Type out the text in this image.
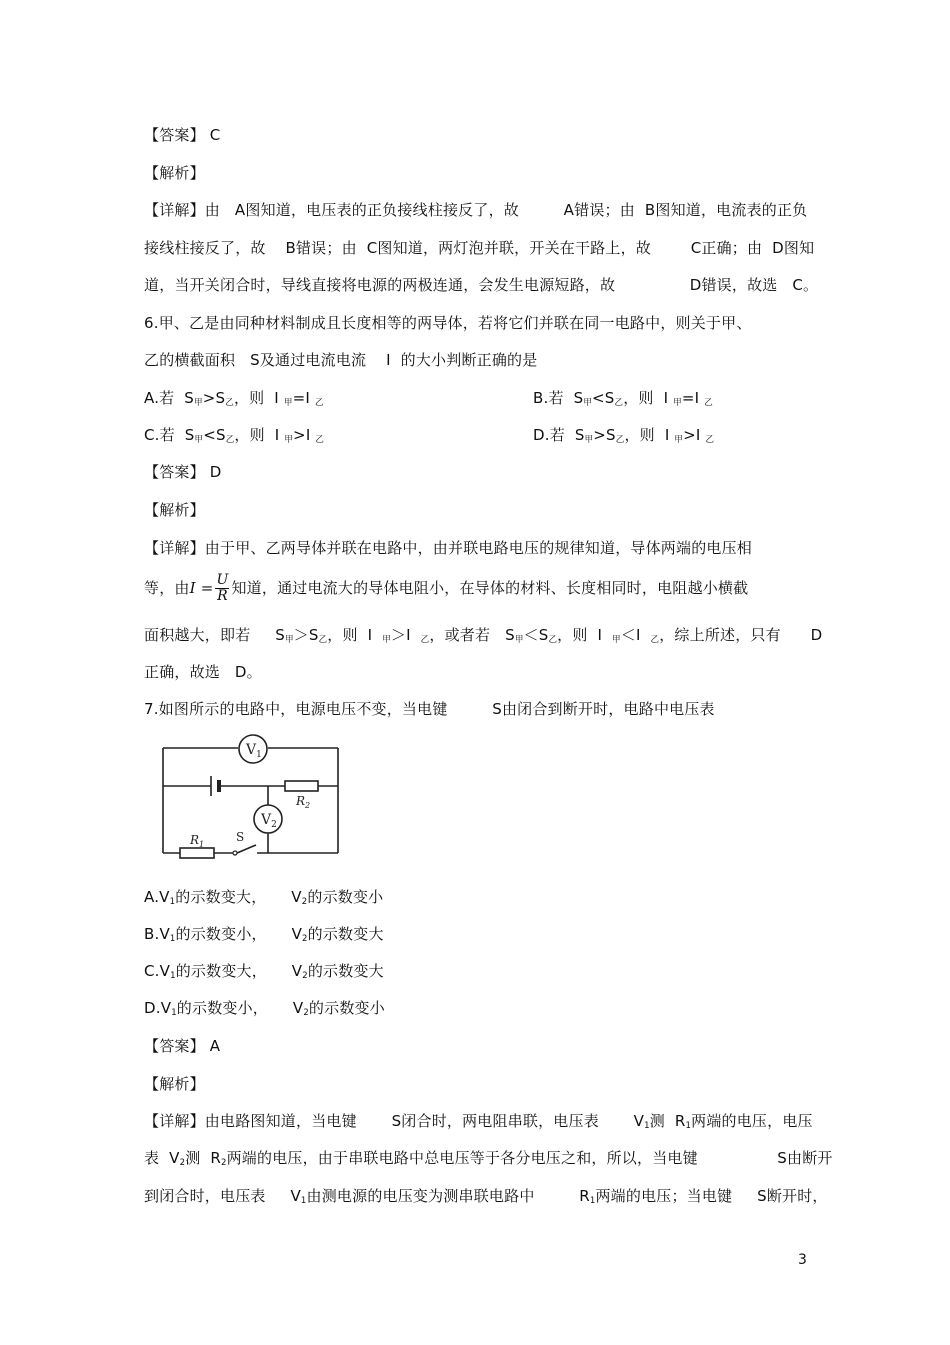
【答案】 C
【解析】
【详解】由   A图知道，电压表的正负接线柱接反了，故         A错误；由  B图知道，电流表的正负
接线柱接反了，故    B错误；由  C图知道，两灯泡并联，开关在干路上，故        C正确；由  D图知
道，当开关闭合时，导线直接将电源的两极连通，会发生电源短路，故               D错误，故选   C。
6.甲、乙是由同种材料制成且长度相等的两导体，若将它们并联在同一电路中，则关于甲、
乙的横截面积   S及通过电流电流    I  的大小判断正确的是
A.若  $S_甲>S_乙$，则  I $_甲$=I $_乙$	B.若  $S_甲<S_乙$，则  I $_甲$=I $_乙$
C.若  $S_甲<S_乙$，则  I $_甲$>I $_乙$	D.若  $S_甲>S_乙$，则  I $_甲$>I $_乙$
【答案】 D
【解析】
【详解】由于甲、乙两导体并联在电路中，由并联电路电压的规律知道，导体两端的电压相
等，由$I = \frac{U}{R}$ 知道，通过电流大的导体电阻小，在导体的材料、长度相同时，电阻越小横截
面积越大，即若     $S_甲>S_乙$，则  I  $_甲$＞I  $_乙$，或者若   $S_甲<S_乙$，则  I  $_甲$＜I  $_乙$，综上所述，只有      D
正确，故选   D。
7.如图所示的电路中，电源电压不变，当电键         S由闭合到断开时，电路中电压表
$V_1$
$V_2$
$R_2$
$R_1$
S
$A.V_1$的示数变大，     $V_2$的示数变小
$B.V_1$的示数变小，     $V_2$的示数变大
$C.V_1$的示数变大，     $V_2$的示数变大
$D.V_1$的示数变小，     $V_2$的示数变小
【答案】 A
【解析】
【详解】由电路图知道，当电键       S闭合时，两电阻串联，电压表       $V_1$测  $R_1$两端的电压，电压
表  $V_2$测  $R_2$两端的电压，由于串联电路中总电压等于各分电压之和，所以，当电键                S由断开
到闭合时，电压表     $V_1$由测电源的电压变为测串联电路中         $R_1$两端的电压；当电键     S断开时，
3
